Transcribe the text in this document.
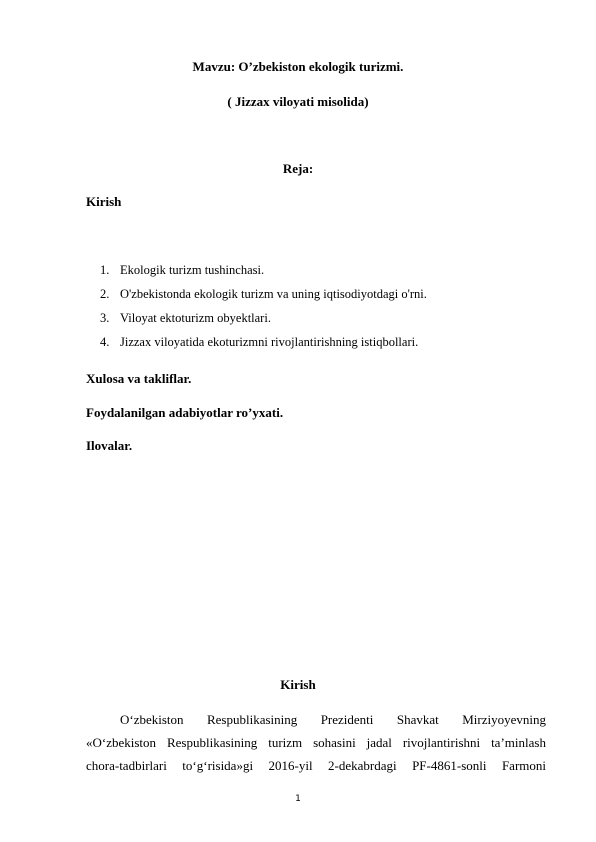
Mavzu: O’zbekiston ekologik turizmi.
( Jizzax viloyati misolida)
Reja:
Kirish
1. Ekologik turizm tushinchasi.
2. O'zbekistonda ekologik turizm va uning iqtisodiyotdagi o'rni.
3. Viloyat ektoturizm obyektlari.
4. Jizzax viloyatida ekoturizmni rivojlantirishning istiqbollari.
Xulosa va takliflar.
Foydalanilgan adabiyotlar ro’yxati.
Ilovalar.
Kirish
O‘zbekiston Respublikasining Prezidenti Shavkat Mirziyoyevning
«O‘zbekiston Respublikasining turizm sohasini jadal rivojlantirishni ta’minlash
chora-tadbirlari to‘g‘risida»gi 2016-yil 2-dekabrdagi PF-4861-sonli Farmoni
1
